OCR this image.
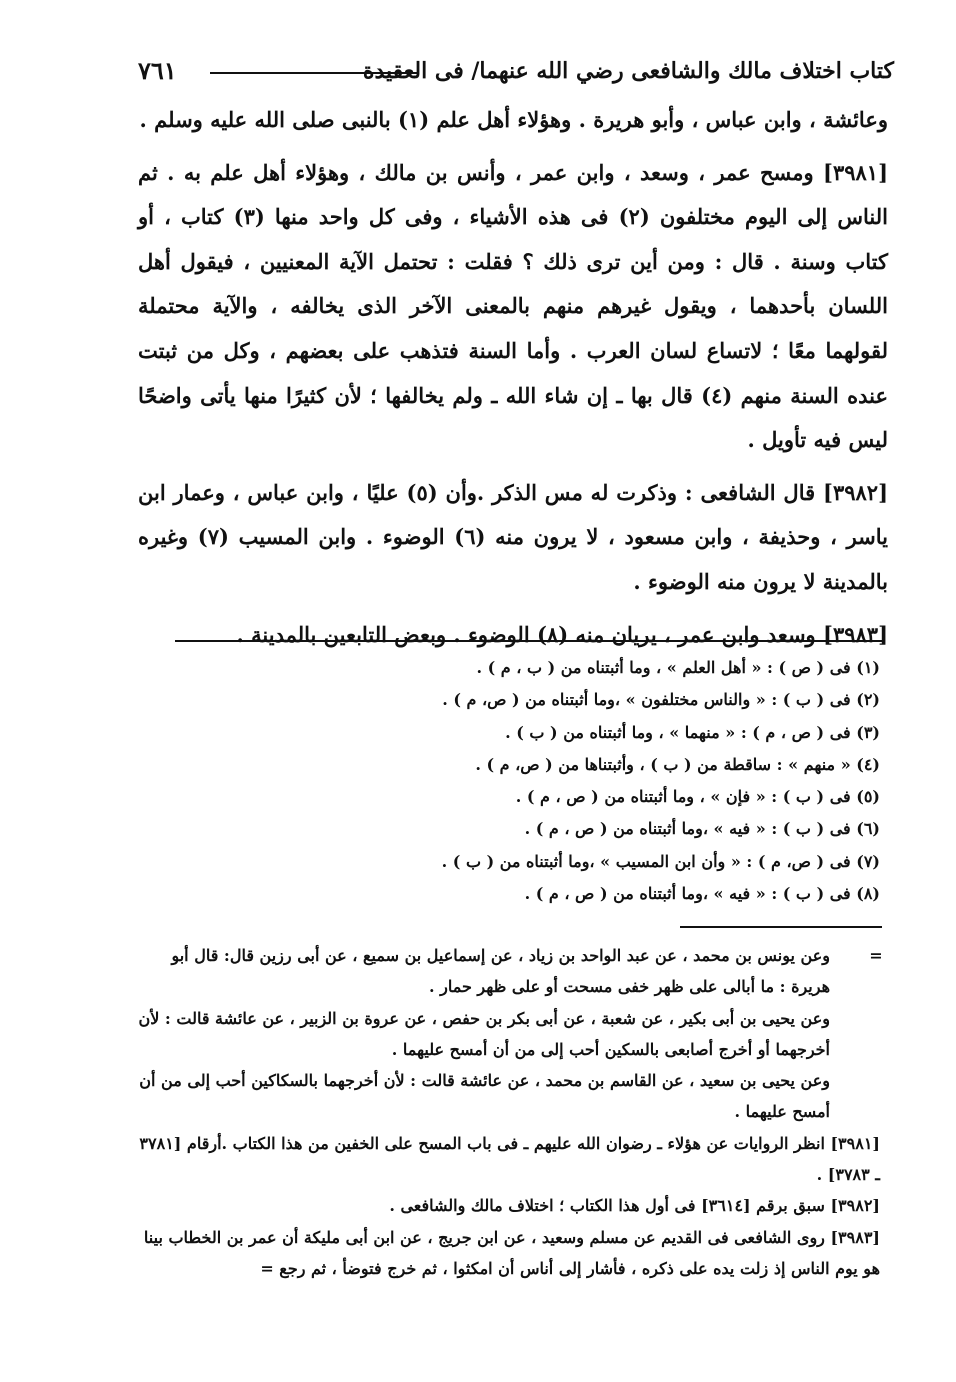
كتاب اختلاف مالك والشافعى رضي الله عنهما/ فى العقيدة
٧٦١

وعائشة ، وابن عباس ، وأبو هريرة . وهؤلاء أهل علم (١) بالنبى صلى الله عليه وسلم .

[٣٩٨١] ومسح عمر ، وسعد ، وابن عمر ، وأنس بن مالك ، وهؤلاء أهل علم به . ثم الناس إلى اليوم مختلفون (٢) فى هذه الأشياء ، وفى كل واحد منها (٣) كتاب ، أو كتاب وسنة . قال : ومن أين ترى ذلك ؟ فقلت : تحتمل الآية المعنيين ، فيقول أهل اللسان بأحدهما ، ويقول غيرهم منهم بالمعنى الآخر الذى يخالفه ، والآية محتملة لقولهما معًا ؛ لاتساع لسان العرب . وأما السنة فتذهب على بعضهم ، وكل من ثبتت عنده السنة منهم (٤) قال بها ـ إن شاء الله ـ ولم يخالفها ؛ لأن كثيرًا منها يأتى واضحًا ليس فيه تأويل .

[٣٩٨٢] قال الشافعى : وذكرت له مس الذكر .وأن (٥) عليًا ، وابن عباس ، وعمار ابن ياسر ، وحذيفة ، وابن مسعود ، لا يرون منه (٦) الوضوء . وابن المسيب (٧) وغيره بالمدينة لا يرون منه الوضوء .

[٣٩٨٣] وسعد وابن عمر ، يريان منه (٨) الوضوء . وبعض التابعين بالمدينة .

(١) فى ( ص ) : « أهل العلم » ، وما أثبتناه من ( ب ، م ) .
(٢) فى ( ب ) : « والناس مختلفون » ،وما أثبتناه من ( ص، م ) .
(٣) فى ( ص ، م ) : « منهما » ، وما أثبتناه من ( ب ) .
(٤) « منهم » : ساقطة من ( ب ) ، وأثبتناها من ( ص، م ) .
(٥) فى ( ب ) : « فإن » ، وما أثبتناه من ( ص ، م ) .
(٦) فى ( ب ) : « فيه » ،وما أثبتناه من ( ص ، م ) .
(٧) فى ( ص، م ) : « وأن ابن المسيب » ،وما أثبتناه من ( ب ) .
(٨) فى ( ب ) : « فيه » ،وما أثبتناه من ( ص ، م ) .
=

وعن يونس بن محمد ، عن عبد الواحد بن زياد ، عن إسماعيل بن سميع ، عن أبى رزين قال: قال أبو هريرة : ما أبالى على ظهر خفى مسحت أو على ظهر حمار .

وعن يحيى بن أبى بكير ، عن شعبة ، عن أبى بكر بن حفص ، عن عروة بن الزبير ، عن عائشة قالت : لأن أخرجهما أو أخرج أصابعى بالسكين أحب إلى من أن أمسح عليهما .

وعن يحيى بن سعيد ، عن القاسم بن محمد ، عن عائشة قالت : لأن أخرجهما بالسكاكين أحب إلى من أن أمسح عليهما .

[٣٩٨١] انظر الروايات عن هؤلاء ـ رضوان الله عليهم ـ فى باب المسح على الخفين من هذا الكتاب .أرقام [٣٧٨١ ـ ٣٧٨٣] .

[٣٩٨٢] سبق برقم [٣٦١٤] فى أول هذا الكتاب ؛ اختلاف مالك والشافعى .

[٣٩٨٣] روى الشافعى فى القديم عن مسلم وسعيد ، عن ابن جريج ، عن ابن أبى مليكة أن عمر بن الخطاب بينا هو يوم الناس إذ زلت يده على ذكره ، فأشار إلى أناس أن امكثوا ، ثم خرج فتوضأ ، ثم رجع =
